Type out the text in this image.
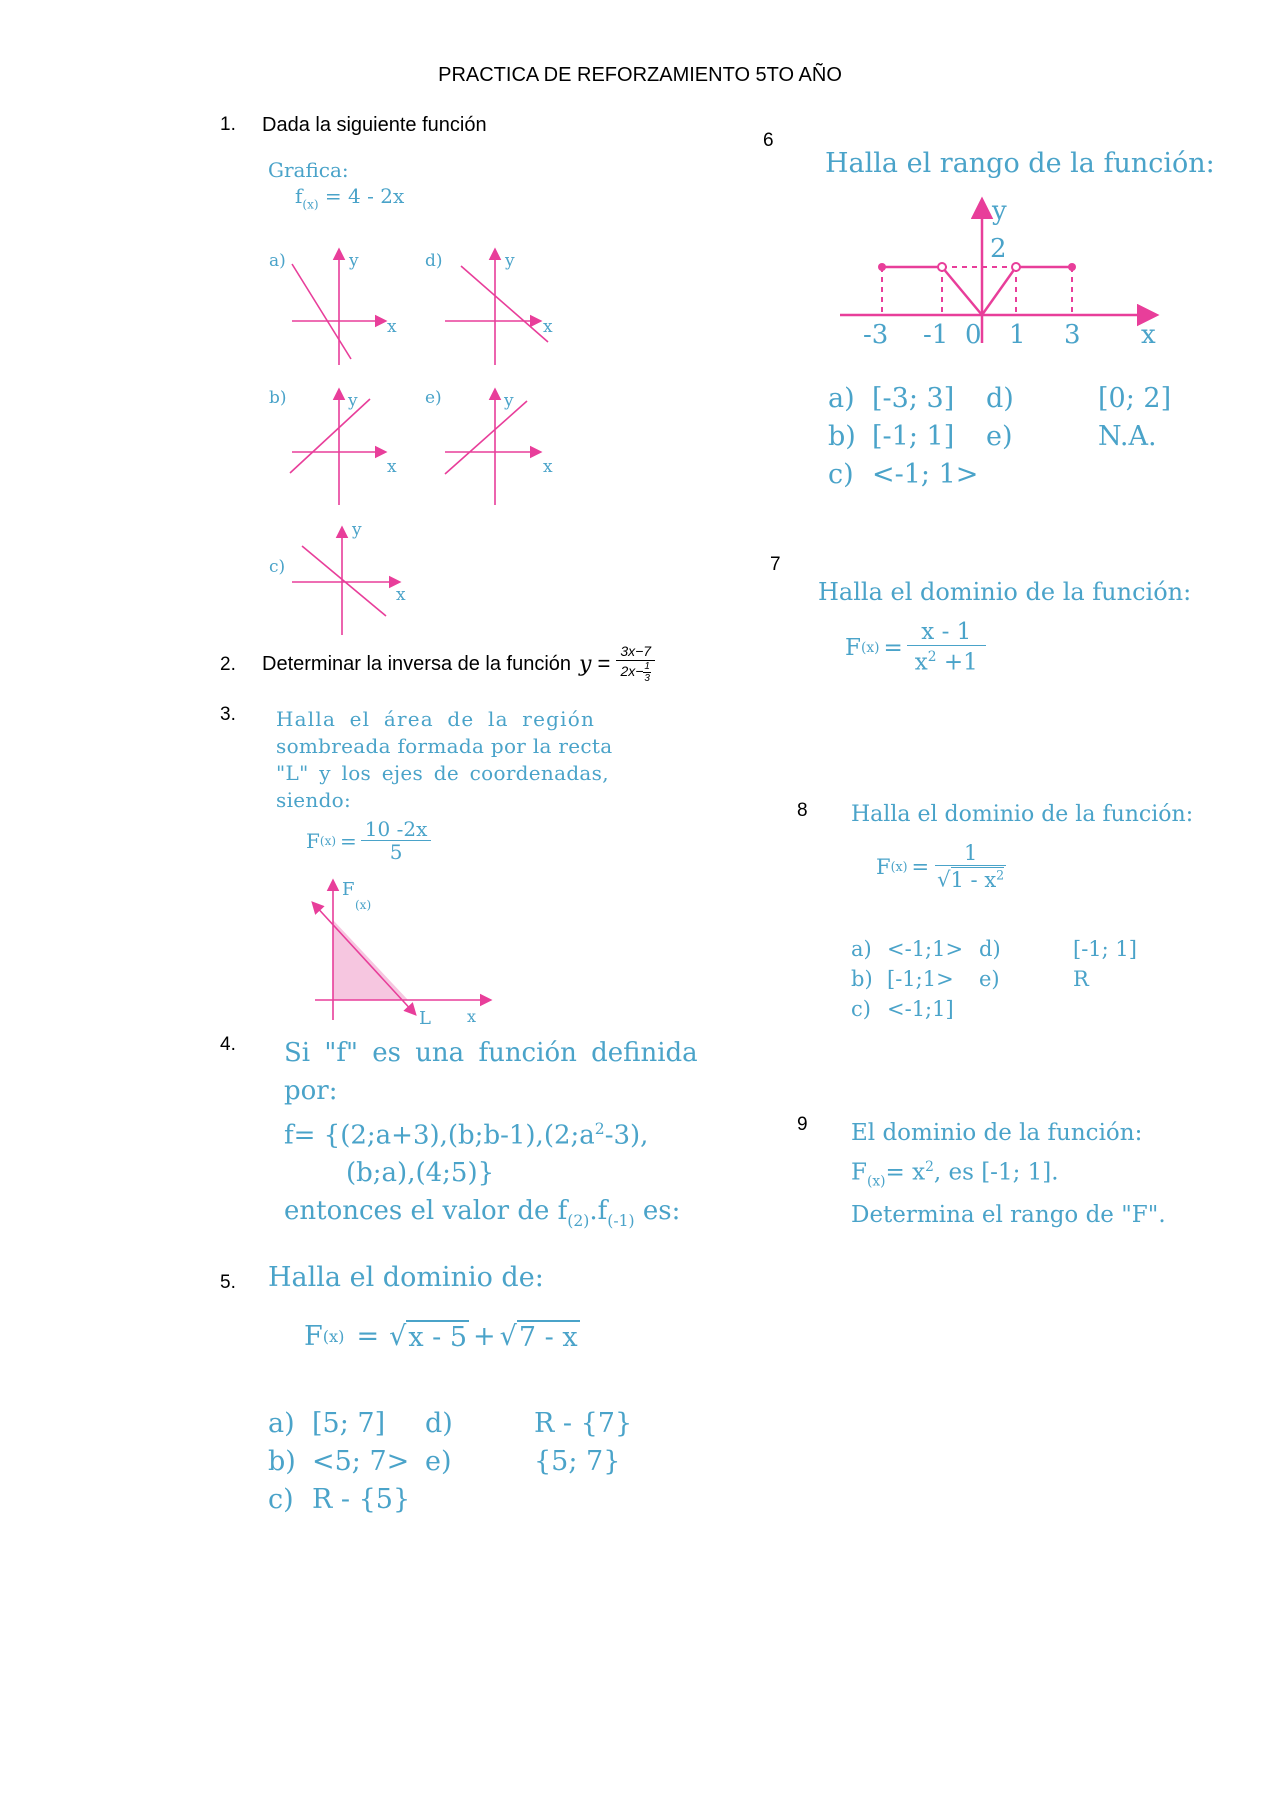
PRACTICA DE REFORZAMIENTO 5TO AÑO
1. Dada la siguiente función
Grafica:
$f_{(x)} = 4 - 2x$
a)	y
x
d)	y
x
b)	y
x
e)	y
x
c)
y
x
2. Determinar la inversa de la función $y = \frac{3x-7}{2x- \frac{1}{3}}$
3. Halla el área de la región
sombreada formada por la recta
"L" y los ejes de coordenadas,
siendo:
F $(x) = \frac{10 -2x}{5}$
F
(x)
L x
4. Si "f" es una función definida
por:
$f= \{(2;a+3),(b;b-1),(2;a^2-3)$,
(b;a),(4;5)}
entonces el valor de $f_{(2)}.f_{(-1)}$ es:
5. Halla el dominio de:
F (x) = √ x - 5 + √ 7 - x
a) [5; 7] d)	R - {7}
b) <5; 7> e)	{5; 7}
c) R - {5}
6
Halla el rango de la función:
y
2
-3 -1 0 1 3 x
a) [-3; 3] d)	[0; 2]
b) [-1; 1] e)	N.A.
c) <-1; 1>
7
Halla el dominio de la función:
F $(x) = \frac{x - 1}{x^2 +1}$
8 Halla el dominio de la función:
F $(x) = \frac{1}{√1 - x^2}$
a) <-1;1> d)	[-1; 1]
b) [-1;1> e)	R
c) <-1;1]
9 El dominio de la función:
$F_{(x)}= x^2$, es [-1; 1].
Determina el rango de "F".
